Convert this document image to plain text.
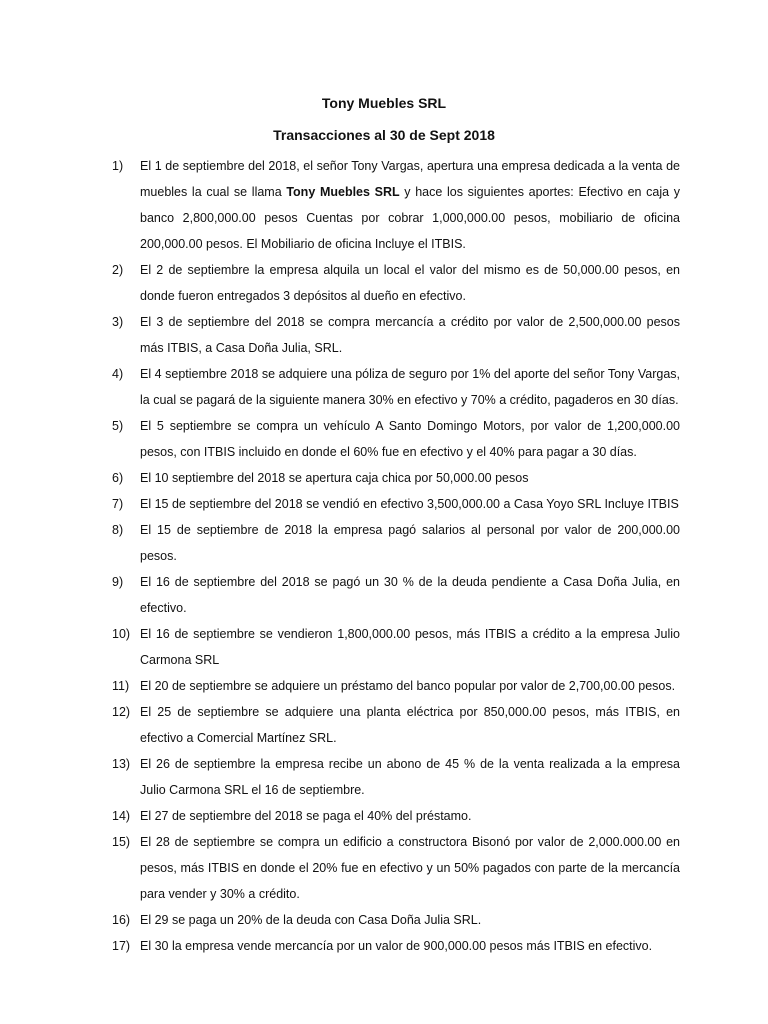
Tony Muebles SRL
Transacciones al 30 de Sept 2018
1)	El 1 de septiembre del 2018, el señor Tony Vargas, apertura una empresa dedicada a la venta de muebles la cual se llama Tony Muebles SRL y hace los siguientes aportes: Efectivo en caja y banco 2,800,000.00 pesos Cuentas por cobrar 1,000,000.00 pesos, mobiliario de oficina 200,000.00 pesos. El Mobiliario de oficina Incluye el ITBIS.
2)	El 2 de septiembre la empresa alquila un local el valor del mismo es de 50,000.00 pesos, en donde fueron entregados 3 depósitos al dueño en efectivo.
3)	El 3 de septiembre del 2018 se compra mercancía a crédito por valor de 2,500,000.00 pesos más ITBIS, a Casa Doña Julia, SRL.
4)	El 4 septiembre 2018 se adquiere una póliza de seguro por 1% del aporte del señor Tony Vargas, la cual se pagará de la siguiente manera 30% en efectivo y 70% a crédito, pagaderos en 30 días.
5)	El 5 septiembre se compra un vehículo A Santo Domingo Motors, por valor de 1,200,000.00 pesos, con ITBIS incluido en donde el 60% fue en efectivo y el 40% para pagar a 30 días.
6)	El 10 septiembre del 2018 se apertura caja chica por 50,000.00 pesos
7)	El 15 de septiembre del 2018 se vendió en efectivo 3,500,000.00 a Casa Yoyo SRL Incluye ITBIS
8)	El 15 de septiembre de 2018 la empresa pagó salarios al personal por valor de 200,000.00 pesos.
9)	El 16 de septiembre del 2018 se pagó un 30 % de la deuda pendiente a Casa Doña Julia, en efectivo.
10) El 16 de septiembre se vendieron 1,800,000.00 pesos, más ITBIS a crédito a la empresa Julio Carmona SRL
11) El 20 de septiembre se adquiere un préstamo del banco popular por valor de 2,700,00.00 pesos.
12) El 25 de septiembre se adquiere una planta eléctrica por 850,000.00 pesos, más ITBIS, en efectivo a Comercial Martínez SRL.
13) El 26 de septiembre la empresa recibe un abono de 45 % de la venta realizada a la empresa Julio Carmona SRL el 16 de septiembre.
14) El 27 de septiembre del 2018 se paga el 40% del préstamo.
15) El 28 de septiembre se compra un edificio a constructora Bisonó por valor de 2,000.000.00 en pesos, más ITBIS en donde el 20% fue en efectivo y un 50% pagados con parte de la mercancía para vender y 30% a crédito.
16) El 29 se paga un 20% de la deuda con Casa Doña Julia SRL.
17) El 30 la empresa vende mercancía por un valor de 900,000.00 pesos más ITBIS en efectivo.
